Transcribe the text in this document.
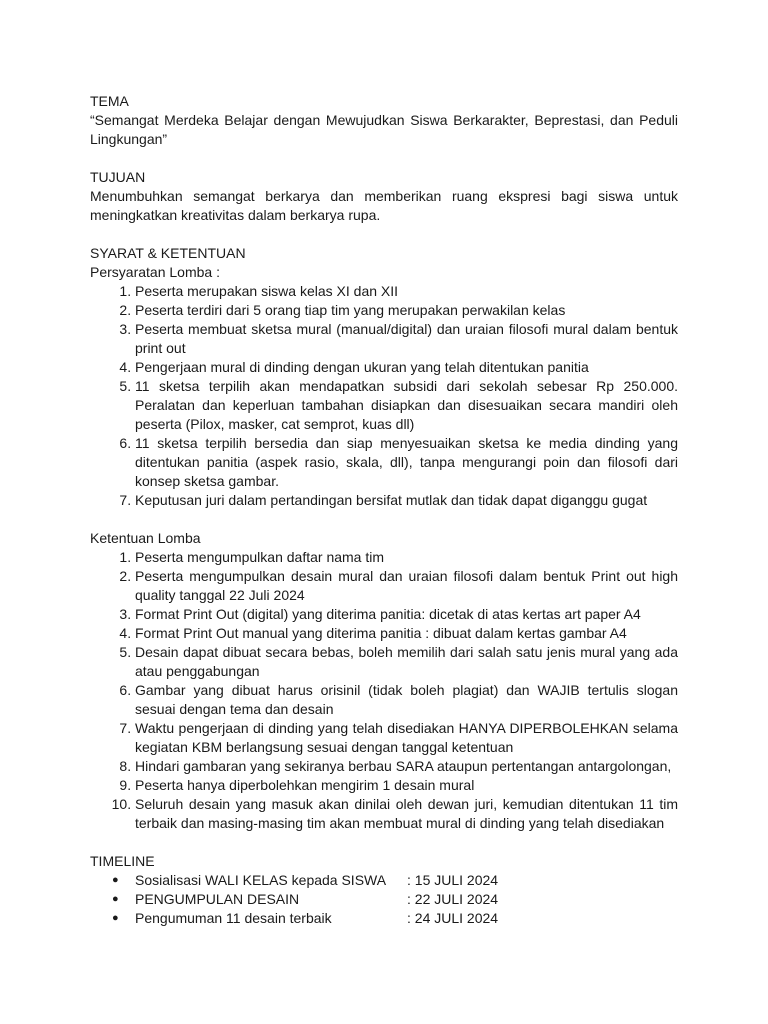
TEMA

“Semangat Merdeka Belajar dengan Mewujudkan Siswa Berkarakter, Beprestasi, dan Peduli Lingkungan”

TUJUAN

Menumbuhkan semangat berkarya dan memberikan ruang ekspresi bagi siswa untuk meningkatkan kreativitas dalam berkarya rupa.

SYARAT & KETENTUAN

Persyaratan Lomba :

1. Peserta merupakan siswa kelas XI dan XII
2. Peserta terdiri dari 5 orang tiap tim yang merupakan perwakilan kelas
3. Peserta membuat sketsa mural (manual/digital) dan uraian filosofi mural dalam bentuk print out
4. Pengerjaan mural di dinding dengan ukuran yang telah ditentukan panitia
5. 11 sketsa terpilih akan mendapatkan subsidi dari sekolah sebesar Rp 250.000. Peralatan dan keperluan tambahan disiapkan dan disesuaikan secara mandiri oleh peserta (Pilox, masker, cat semprot, kuas dll)
6. 11 sketsa terpilih bersedia dan siap menyesuaikan sketsa ke media dinding yang ditentukan panitia (aspek rasio, skala, dll), tanpa mengurangi poin dan filosofi dari konsep sketsa gambar.
7. Keputusan juri dalam pertandingan bersifat mutlak dan tidak dapat diganggu gugat

Ketentuan Lomba

1. Peserta mengumpulkan daftar nama tim
2. Peserta mengumpulkan desain mural dan uraian filosofi dalam bentuk Print out high quality tanggal 22 Juli 2024
3. Format Print Out (digital) yang diterima panitia: dicetak di atas kertas art paper A4
4. Format Print Out manual yang diterima panitia : dibuat dalam kertas gambar A4
5. Desain dapat dibuat secara bebas, boleh memilih dari salah satu jenis mural yang ada atau penggabungan
6. Gambar yang dibuat harus orisinil (tidak boleh plagiat) dan WAJIB tertulis slogan sesuai dengan tema dan desain
7. Waktu pengerjaan di dinding yang telah disediakan HANYA DIPERBOLEHKAN selama kegiatan KBM berlangsung sesuai dengan tanggal ketentuan
8. Hindari gambaran yang sekiranya berbau SARA ataupun pertentangan antargolongan,
9. Peserta hanya diperbolehkan mengirim 1 desain mural
10. Seluruh desain yang masuk akan dinilai oleh dewan juri, kemudian ditentukan 11 tim terbaik dan masing-masing tim akan membuat mural di dinding yang telah disediakan

TIMELINE

●	Sosialisasi WALI KELAS kepada SISWA	: 15 JULI 2024
●	PENGUMPULAN DESAIN	: 22 JULI 2024
●	Pengumuman 11 desain terbaik	: 24 JULI 2024
